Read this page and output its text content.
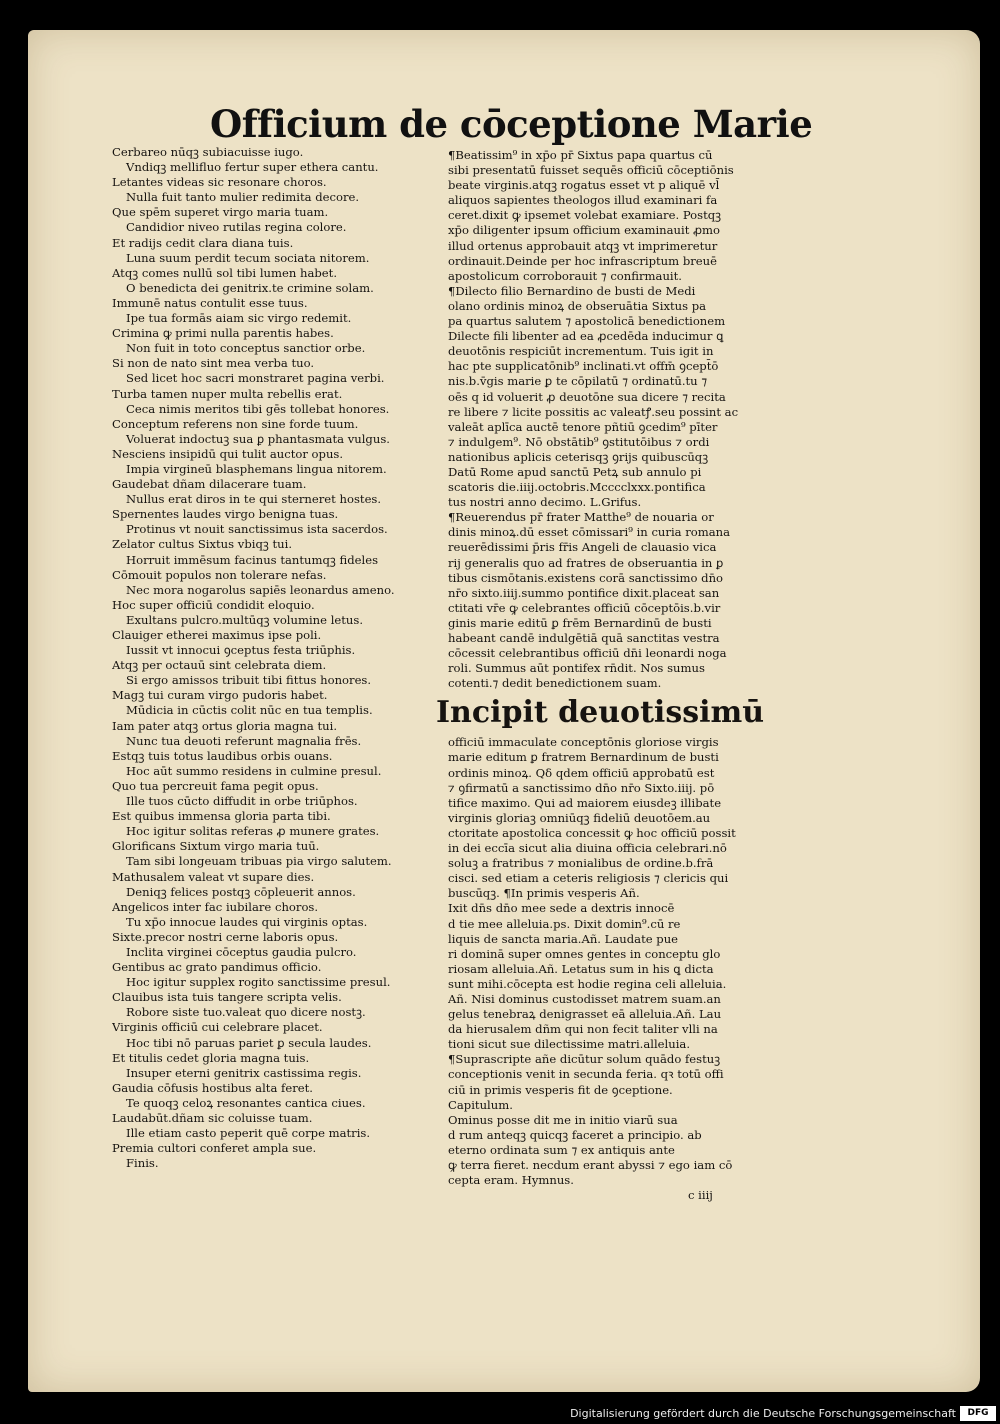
Officium de cōceptione Marie
Cerbareo nūqꝫ subiacuisse iugo.
Vndiqꝫ mellifluo fertur super ethera cantu.
Letantes videas sic resonare choros.
Nulla fuit tanto mulier redimita decore.
Que spēm superet virgo maria tuam.
Candidior niveo rutilas regina colore.
Et radijs cedit clara diana tuis.
Luna suum perdit tecum sociata nitorem.
Atqꝫ comes nullū sol tibi lumen habet.
O benedicta dei genitrix.te crimine solam.
Immunē natus contulit esse tuus.
Ipe tua formās aiam sic virgo redemit.
Crimina ꝙ primi nulla parentis habes.
Non fuit in toto conceptus sanctior orbe.
Si non de nato sint mea verba tuo.
Sed licet hoc sacri monstraret pagina verbi.
Turba tamen nuper multa rebellis erat.
Ceca nimis meritos tibi gēs tollebat honores.
Conceptum referens non sine forde tuum.
Voluerat indoctuꝫ sua ꝑ phantasmata vulgus.
Nesciens insipidū qui tulit auctor opus.
Impia virgineū blasphemans lingua nitorem.
Gaudebat dñam dilacerare tuam.
Nullus erat diros in te qui sterneret hostes.
Spernentes laudes virgo benigna tuas.
Protinus vt nouit sanctissimus ista sacerdos.
Zelator cultus Sixtus vbiqꝫ tui.
Horruit immēsum facinus tantumqꝫ fideles
Cōmouit populos non tolerare nefas.
Nec mora nogarolus sapiēs leonardus ameno.
Hoc super officiū condidit eloquio.
Exultans pulcro.multūqꝫ volumine letus.
Clauiger etherei maximus ipse poli.
Iussit vt innocui ꝯceptus festa triūphis.
Atqꝫ per octauū sint celebrata diem.
Si ergo amissos tribuit tibi fittus honores.
Magꝫ tui curam virgo pudoris habet.
Mūdicia in cūctis colit nūc en tua templis.
Iam pater atqꝫ ortus gloria magna tui.
Nunc tua deuoti referunt magnalia frēs.
Estqꝫ tuis totus laudibus orbis ouans.
Hoc aūt summo residens in culmine presul.
Quo tua percreuit fama pegit opus.
Ille tuos cūcto diffudit in orbe triūphos.
Est quibus immensa gloria parta tibi.
Hoc igitur solitas referas ꝓ munere grates.
Glorificans Sixtum virgo maria tuū.
Tam sibi longeuam tribuas pia virgo salutem.
Mathusalem valeat vt supare dies.
Deniqꝫ felices postqꝫ cōpleuerit annos.
Angelicos inter fac iubilare choros.
Tu xp̄o innocue laudes qui virginis optas.
Sixte.precor nostri cerne laboris opus.
Inclita virginei cōceptus gaudia pulcro.
Gentibus ac grato pandimus officio.
Hoc igitur supplex rogito sanctissime presul.
Clauibus ista tuis tangere scripta velis.
Robore siste tuo.valeat quo dicere nostꝫ.
Virginis officiū cui celebrare placet.
Hoc tibi nō paruas pariet ꝑ secula laudes.
Et titulis cedet gloria magna tuis.
Insuper eterni genitrix castissima regis.
Gaudia cōfusis hostibus alta feret.
Te quoqꝫ celoꝝ resonantes cantica ciues.
Laudabūt.dñam sic coluisse tuam.
Ille etiam casto peperit quē corpe matris.
Premia cultori conferet ampla sue.
Finis.
¶Beatissim⁹ in xp̄o pr̄ Sixtus papa quartus cū
sibi presentatū fuisset sequēs officiū cōceptiōnis
beate virginis.atqꝫ rogatus esset vt p aliquē vl̄
aliquos sapientes theologos illud examinari fa
ceret.dixit ꝙ ipsemet volebat examiare. Postqꝫ
xp̄o diligenter ipsum officium examinauit ꝓmo
illud ortenus approbauit atqꝫ vt imprimeretur
ordinauit.Deinde per hoc infrascriptum breuē
apostolicum corroborauit ⁊ confirmauit.
¶Dilecto filio Bernardino de busti de Medi
olano ordinis minoꝝ de obseruātia Sixtus pa
pa quartus salutem ⁊ apostolicā benedictionem
Dilecte fili libenter ad ea ꝓcedēda inducimur ꝗ
deuotōnis respiciūt incrementum. Tuis igit in
hac pte supplicatōnib⁹ inclinati.vt offm̄ ꝯcept̄ō
nis.b.v̄gis marie ꝑ te cōpilatū ⁊ ordinatū.tu ⁊
oēs q id voluerit ꝓ deuotōne sua dicere ⁊ recita
re libere ⁊ licite possitis ac valeatꝭ.seu possint ac
valeāt aplīca auctē tenore pñtiū ꝯcedim⁹ pīter
⁊ indulgem⁹. Nō obstātib⁹ ꝯstitutōibus ⁊ ordi
nationibus aplicis ceterisqꝫ ꝯrijs quibuscūqꝫ
Datū Rome apud sanctū Petꝝ sub annulo pi
scatoris die.iiij.octobris.Mcccclxxx.pontifica
tus nostri anno decimo. L.Grifus.
¶Reuerendus pr̄ frater Matthe⁹ de nouaria or
dinis minoꝝ.dū esset cōmissari⁹ in curia romana
reuerēdissimi p̄ris fr̄is Angeli de clauasio vica
rij generalis quo ad fratres de obseruantia in ꝑ
tibus cismōtanis.existens corā sanctissimo dn̄o
nr̄o sixto.iiij.summo pontifice dixit.placeat san
ctitati vr̄e ꝙ celebrantes officiū cōceptōis.b.vir
ginis marie editū ꝑ frēm Bernardinū de busti
habeant candē indulgētiā quā sanctitas vestra
cōcessit celebrantibus officiū dn̄i leonardi noga
roli. Summus aūt pontifex rn̄dit. Nos sumus
cotenti.⁊ dedit benedictionem suam.
Incipit deuotissimū
officiū immaculate conceptōnis gloriose virgis
marie editum ꝑ fratrem Bernardinum de busti
ordinis minoꝝ. Qδ qdem officiū approbatū est
⁊ ꝯfirmatū a sanctissimo dn̄o nr̄o Sixto.iiij. pō
tifice maximo. Qui ad maiorem eiusdeꝫ illibate
virginis gloriaꝫ omniūqꝫ fideliū deuotōem.au
ctoritate apostolica concessit ꝙ hoc officiū possit
in dei eccīa sicut alia diuina officia celebrari.nō
soluꝫ a fratribus ⁊ monialibus de ordine.b.frā
cisci. sed etiam a ceteris religiosis ⁊ clericis qui
buscūqꝫ. ¶In primis vesperis Añ.
Ixit dn̄s dn̄o mee sede a dextris innocē
d tie mee alleluia.ps. Dixit domin⁹.cū re
liquis de sancta maria.Añ. Laudate pue
ri dominā super omnes gentes in conceptu glo
riosam alleluia.Añ. Letatus sum in his ꝗ dicta
sunt mihi.cōcepta est hodie regina celi alleluia.
Añ. Nisi dominus custodisset matrem suam.an
gelus tenebraꝝ denigrasset eā alleluia.Añ. Lau
da hierusalem dñm qui non fecit taliter vlli na
tioni sicut sue dilectissime matri.alleluia.
¶Suprascripte añe dicūtur solum quādo festuꝫ
conceptionis venit in secunda feria. qꝛ totū offi
ciū in primis vesperis fit de ꝯceptione.
Capitulum.
Ominus posse dit me in initio viarū sua
d rum anteqꝫ quicqꝫ faceret a principio. ab
eterno ordinata sum ⁊ ex antiquis ante
ꝙ terra fieret. necdum erant abyssi ⁊ ego iam cō
cepta eram. Hymnus.
c iiij
Digitalisierung gefördert durch die Deutsche Forschungsgemeinschaft	DFG
